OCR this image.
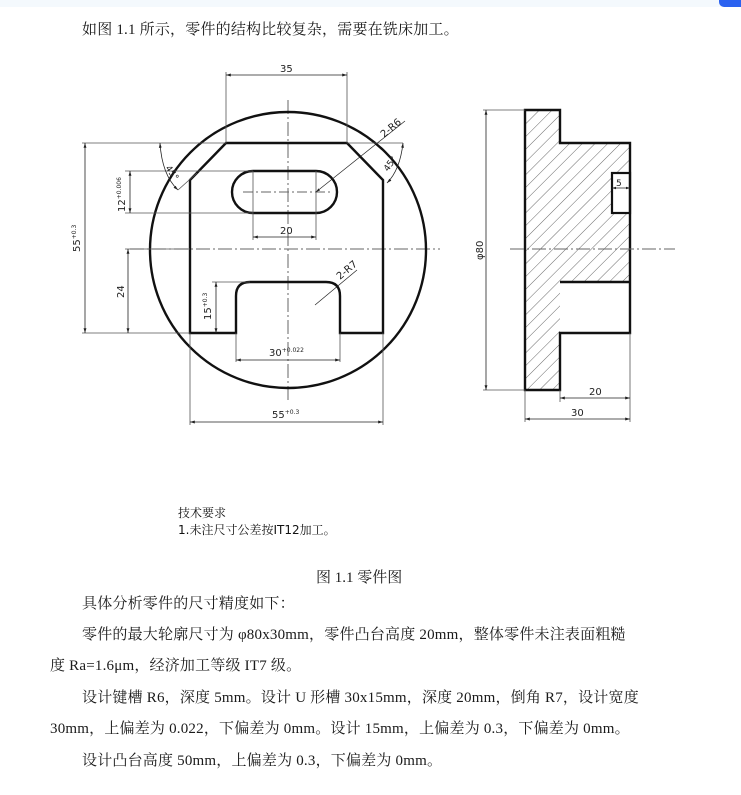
如图 1.1 所示，零件的结构比较复杂，需要在铣床加工。
35
20
$55^{+0.3}$
$12^{+0.006}$
24
$15^{+0.3}$
$30^{+0.022}$
$55^{+0.3}$
45°	45°
2-R6
2-R7
5
φ80
20
30
技术要求
1.未注尺寸公差按IT12加工。
图 1.1 零件图
具体分析零件的尺寸精度如下：
零件的最大轮廓尺寸为 φ80x30mm，零件凸台高度 20mm，整体零件未注表面粗糙
度 Ra=1.6μm，经济加工等级 IT7 级。
设计键槽 R6，深度 5mm。设计 U 形槽 30x15mm，深度 20mm，倒角 R7，设计宽度
30mm，上偏差为 0.022，下偏差为 0mm。设计 15mm，上偏差为 0.3，下偏差为 0mm。
设计凸台高度 50mm，上偏差为 0.3，下偏差为 0mm。
